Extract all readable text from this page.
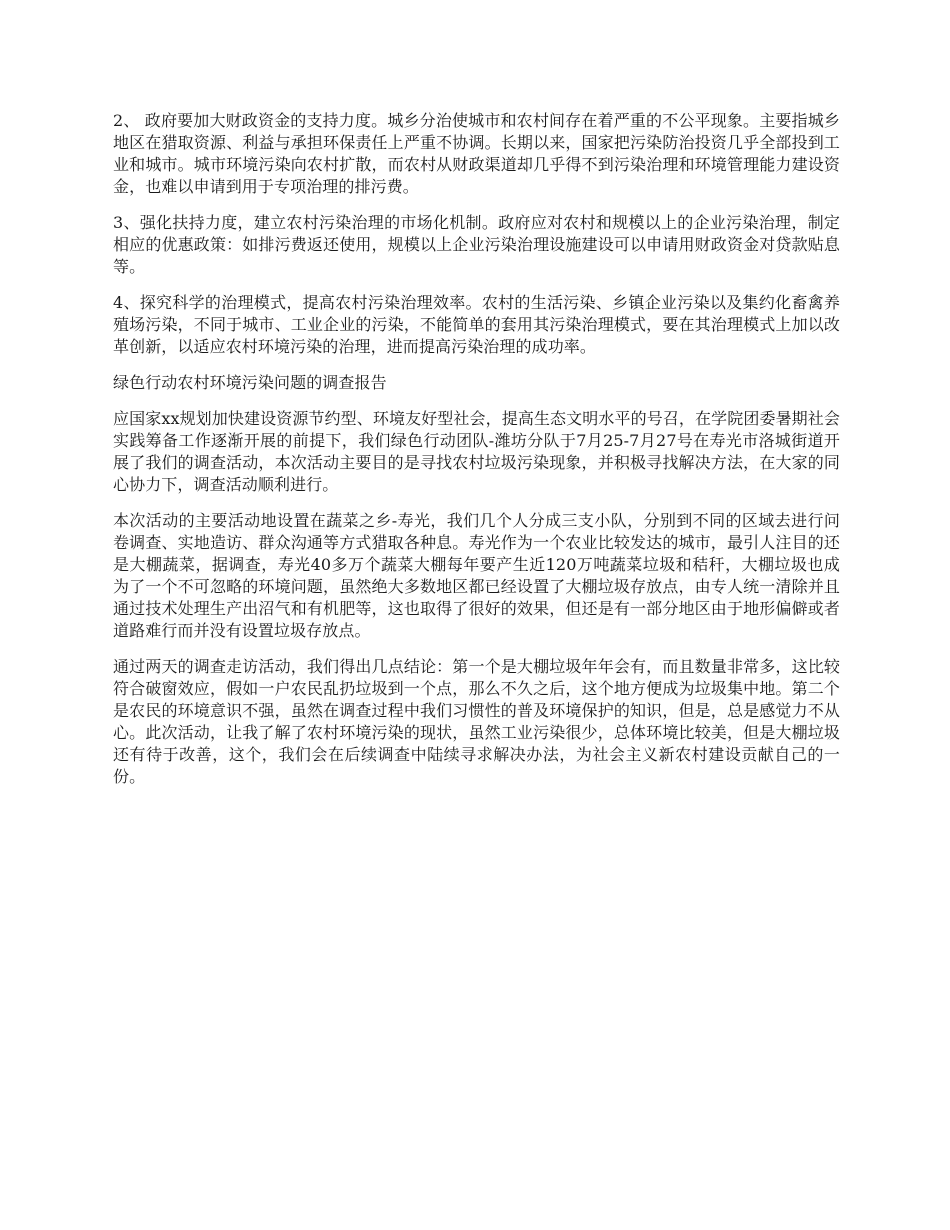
2、 政府要加大财政资金的支持力度。城乡分治使城市和农村间存在着严重的不公平现象。主要指城乡地区在猎取资源、利益与承担环保责任上严重不协调。长期以来，国家把污染防治投资几乎全部投到工业和城市。城市环境污染向农村扩散，而农村从财政渠道却几乎得不到污染治理和环境管理能力建设资金，也难以申请到用于专项治理的排污费。

3、强化扶持力度，建立农村污染治理的市场化机制。政府应对农村和规模以上的企业污染治理，制定相应的优惠政策：如排污费返还使用，规模以上企业污染治理设施建设可以申请用财政资金对贷款贴息等。

4、探究科学的治理模式，提高农村污染治理效率。农村的生活污染、乡镇企业污染以及集约化畜禽养殖场污染，不同于城市、工业企业的污染，不能简单的套用其污染治理模式，要在其治理模式上加以改革创新，以适应农村环境污染的治理，进而提高污染治理的成功率。

绿色行动农村环境污染问题的调查报告

应国家xx规划加快建设资源节约型、环境友好型社会，提高生态文明水平的号召，在学院团委暑期社会实践筹备工作逐渐开展的前提下，我们绿色行动团队-潍坊分队于7月25-7月27号在寿光市洛城街道开展了我们的调查活动，本次活动主要目的是寻找农村垃圾污染现象，并积极寻找解决方法，在大家的同心协力下，调查活动顺利进行。

本次活动的主要活动地设置在蔬菜之乡-寿光，我们几个人分成三支小队，分别到不同的区域去进行问卷调查、实地造访、群众沟通等方式猎取各种息。寿光作为一个农业比较发达的城市，最引人注目的还是大棚蔬菜，据调查，寿光40多万个蔬菜大棚每年要产生近120万吨蔬菜垃圾和秸秆，大棚垃圾也成为了一个不可忽略的环境问题，虽然绝大多数地区都已经设置了大棚垃圾存放点，由专人统一清除并且通过技术处理生产出沼气和有机肥等，这也取得了很好的效果，但还是有一部分地区由于地形偏僻或者道路难行而并没有设置垃圾存放点。

通过两天的调查走访活动，我们得出几点结论：第一个是大棚垃圾年年会有，而且数量非常多，这比较符合破窗效应，假如一户农民乱扔垃圾到一个点，那么不久之后，这个地方便成为垃圾集中地。第二个是农民的环境意识不强，虽然在调查过程中我们习惯性的普及环境保护的知识，但是，总是感觉力不从心。此次活动，让我了解了农村环境污染的现状，虽然工业污染很少，总体环境比较美，但是大棚垃圾还有待于改善，这个，我们会在后续调查中陆续寻求解决办法，为社会主义新农村建设贡献自己的一份。
